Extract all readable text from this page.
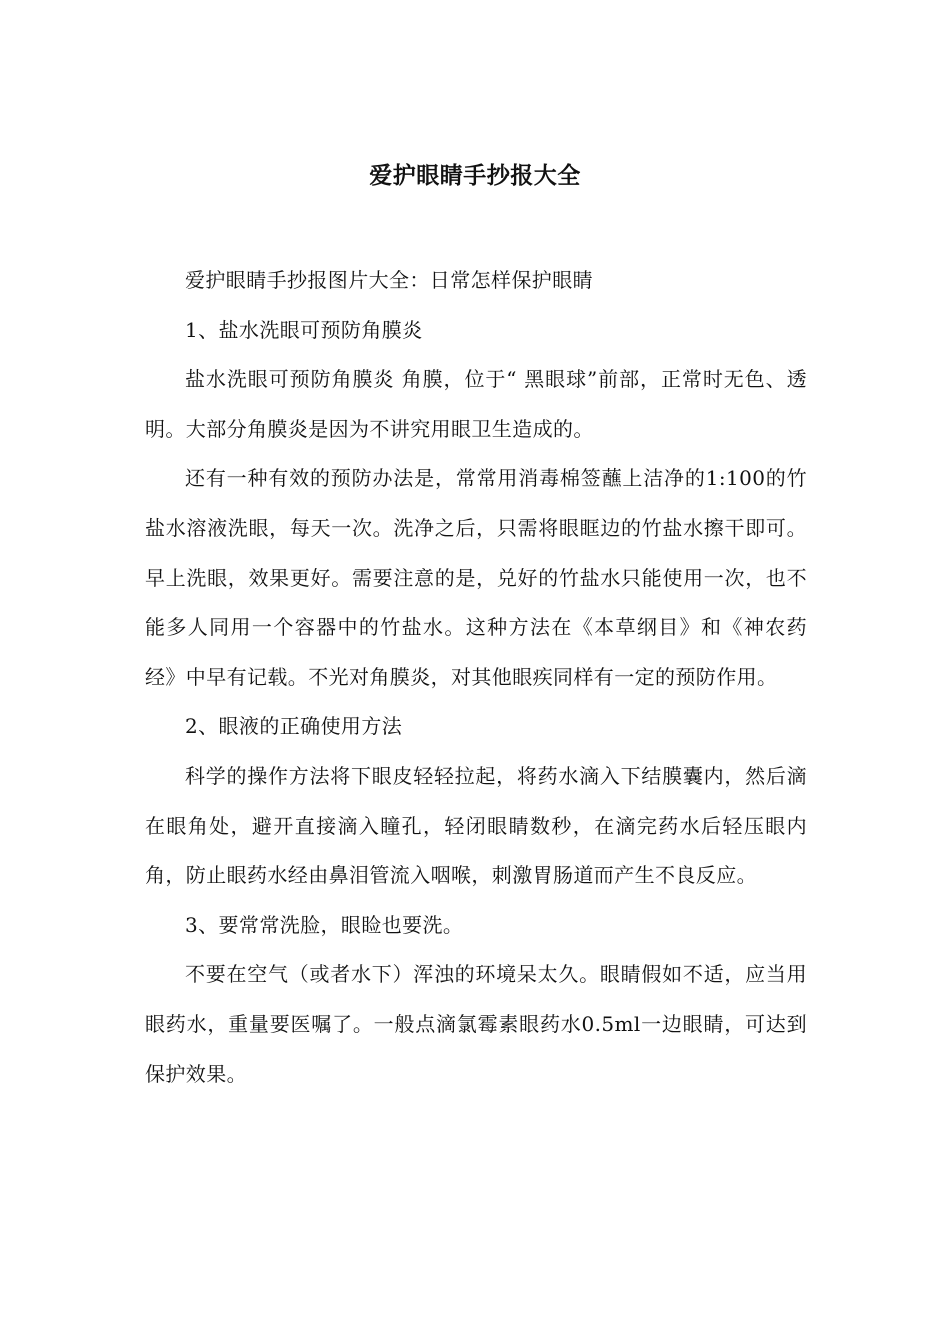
爱护眼睛手抄报大全

爱护眼睛手抄报图片大全：日常怎样保护眼睛

1、盐水洗眼可预防角膜炎

盐水洗眼可预防角膜炎 角膜，位于“ 黑眼球”前部，正常时无色、透明。大部分角膜炎是因为不讲究用眼卫生造成的。

还有一种有效的预防办法是，常常用消毒棉签蘸上洁净的1:100的竹盐水溶液洗眼，每天一次。洗净之后，只需将眼眶边的竹盐水擦干即可。早上洗眼，效果更好。需要注意的是，兑好的竹盐水只能使用一次，也不能多人同用一个容器中的竹盐水。这种方法在《本草纲目》和《神农药经》中早有记载。不光对角膜炎，对其他眼疾同样有一定的预防作用。

2、眼液的正确使用方法

科学的操作方法将下眼皮轻轻拉起，将药水滴入下结膜囊内，然后滴在眼角处，避开直接滴入瞳孔，轻闭眼睛数秒，在滴完药水后轻压眼内角，防止眼药水经由鼻泪管流入咽喉，刺激胃肠道而产生不良反应。

3、要常常洗脸，眼睑也要洗。

不要在空气（或者水下）浑浊的环境呆太久。眼睛假如不适，应当用眼药水，重量要医嘱了。一般点滴氯霉素眼药水0.5ml一边眼睛，可达到保护效果。
